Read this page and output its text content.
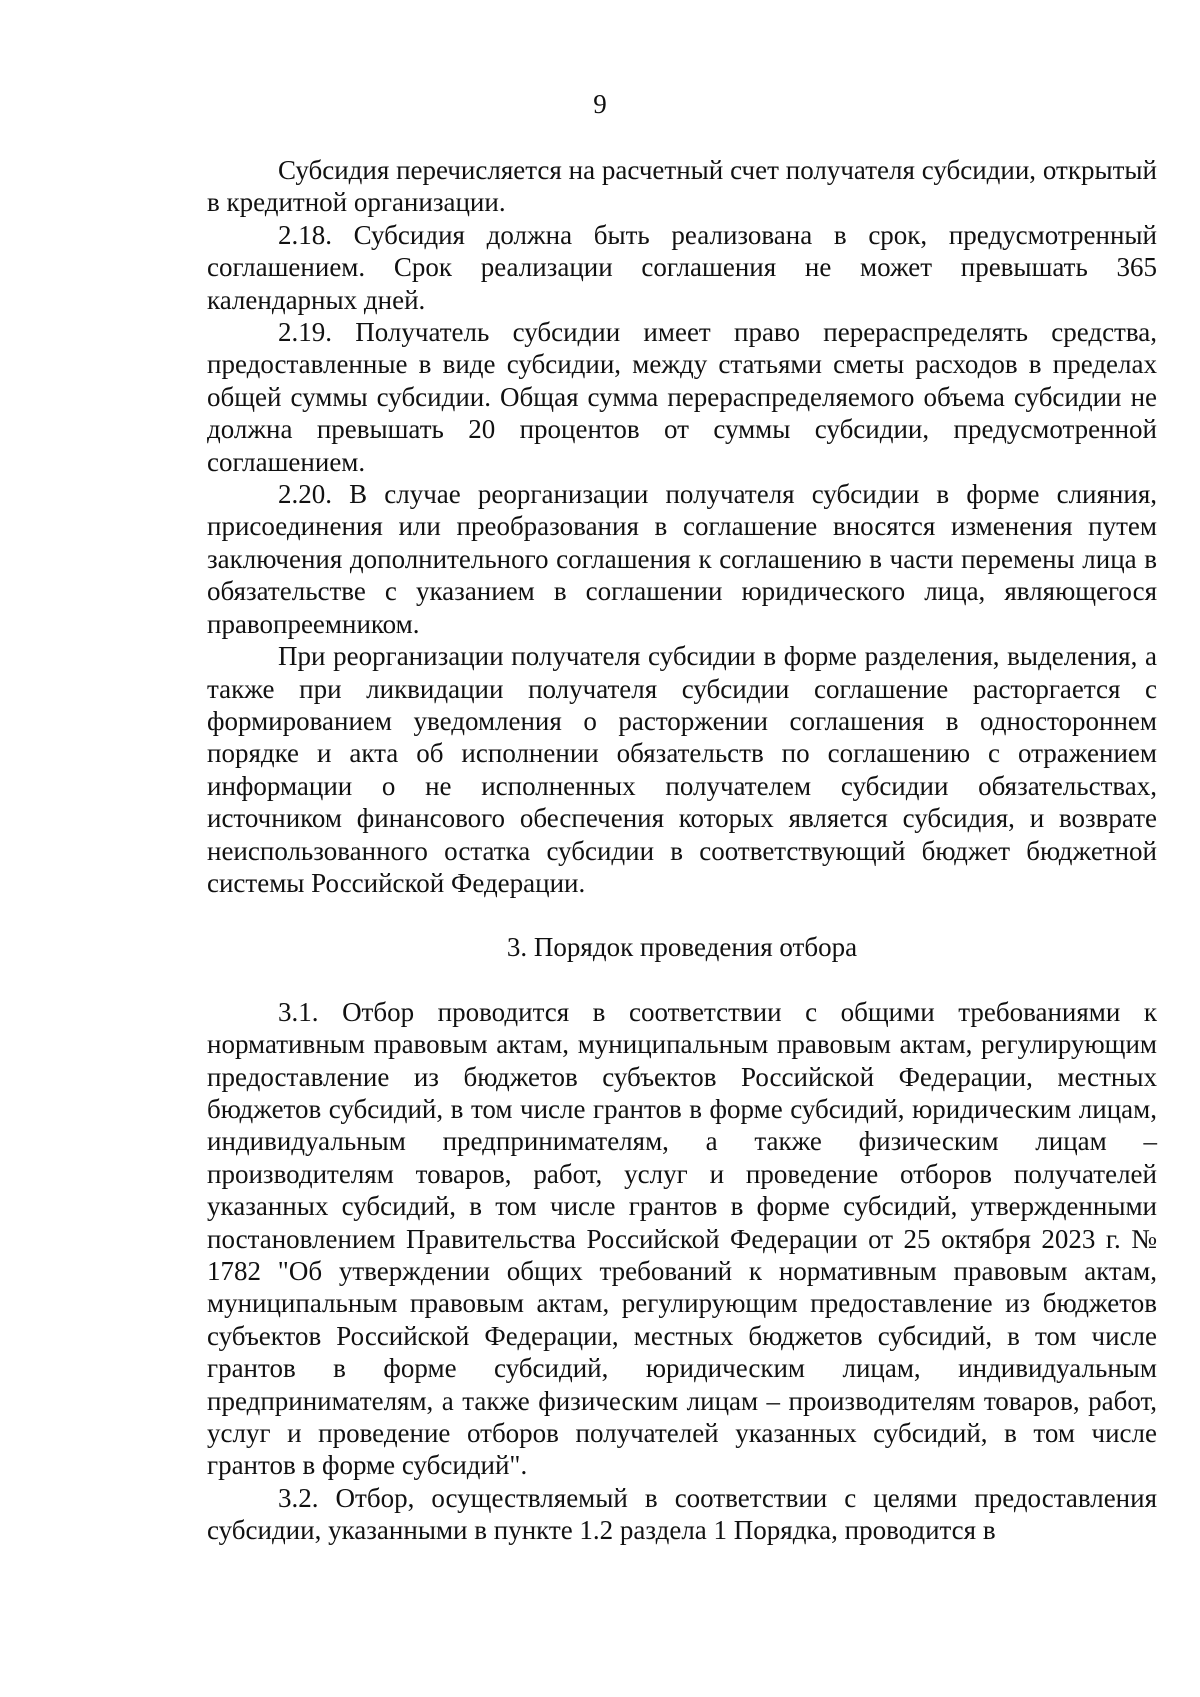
9

Субсидия перечисляется на расчетный счет получателя субсидии, открытый в кредитной организации.

2.18. Субсидия должна быть реализована в срок, предусмотренный соглашением. Срок реализации соглашения не может превышать 365 календарных дней.

2.19. Получатель субсидии имеет право перераспределять средства, предоставленные в виде субсидии, между статьями сметы расходов в пределах общей суммы субсидии. Общая сумма перераспределяемого объема субсидии не должна превышать 20 процентов от суммы субсидии, предусмотренной соглашением.

2.20. В случае реорганизации получателя субсидии в форме слияния, присоединения или преобразования в соглашение вносятся изменения путем заключения дополнительного соглашения к соглашению в части перемены лица в обязательстве с указанием в соглашении юридического лица, являющегося правопреемником.

При реорганизации получателя субсидии в форме разделения, выделения, а также при ликвидации получателя субсидии соглашение расторгается с формированием уведомления о расторжении соглашения в одностороннем порядке и акта об исполнении обязательств по соглашению с отражением информации о не исполненных получателем субсидии обязательствах, источником финансового обеспечения которых является субсидия, и возврате неиспользованного остатка субсидии в соответствующий бюджет бюджетной системы Российской Федерации.

3. Порядок проведения отбора

3.1. Отбор проводится в соответствии с общими требованиями к нормативным правовым актам, муниципальным правовым актам, регулирующим предоставление из бюджетов субъектов Российской Федерации, местных бюджетов субсидий, в том числе грантов в форме субсидий, юридическим лицам, индивидуальным предпринимателям, а также физическим лицам – производителям товаров, работ, услуг и проведение отборов получателей указанных субсидий, в том числе грантов в форме субсидий, утвержденными постановлением Правительства Российской Федерации от 25 октября 2023 г. № 1782 "Об утверждении общих требований к нормативным правовым актам, муниципальным правовым актам, регулирующим предоставление из бюджетов субъектов Российской Федерации, местных бюджетов субсидий, в том числе грантов в форме субсидий, юридическим лицам, индивидуальным предпринимателям, а также физическим лицам – производителям товаров, работ, услуг и проведение отборов получателей указанных субсидий, в том числе грантов в форме субсидий".

3.2. Отбор, осуществляемый в соответствии с целями предоставления субсидии, указанными в пункте 1.2 раздела 1 Порядка, проводится в
